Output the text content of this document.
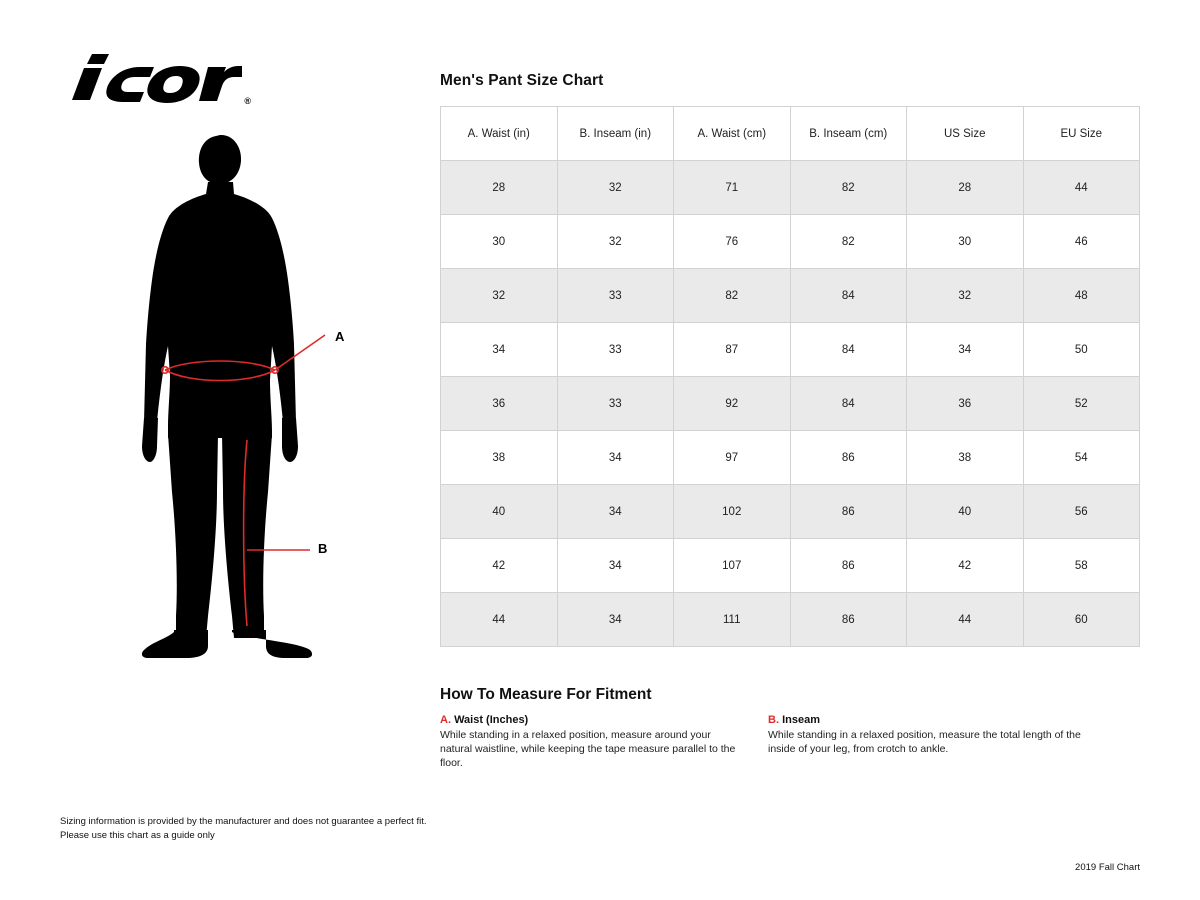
®
A
B
Men's Pant Size Chart
A. Waist (in)	B. Inseam (in)	A. Waist (cm)	B. Inseam (cm)	US Size	EU Size
28	32	71	82	28	44
30	32	76	82	30	46
32	33	82	84	32	48
34	33	87	84	34	50
36	33	92	84	36	52
38	34	97	86	38	54
40	34	102	86	40	56
42	34	107	86	42	58
44	34	111	86	44	60
How To Measure For Fitment

A. Waist (Inches)

While standing in a relaxed position, measure around your natural waistline, while keeping the tape measure parallel to the floor.

B. Inseam

While standing in a relaxed position, measure the total length of the inside of your leg, from crotch to ankle.

Sizing information is provided by the manufacturer and does not guarantee a perfect fit.
Please use this chart as a guide only
2019 Fall Chart
